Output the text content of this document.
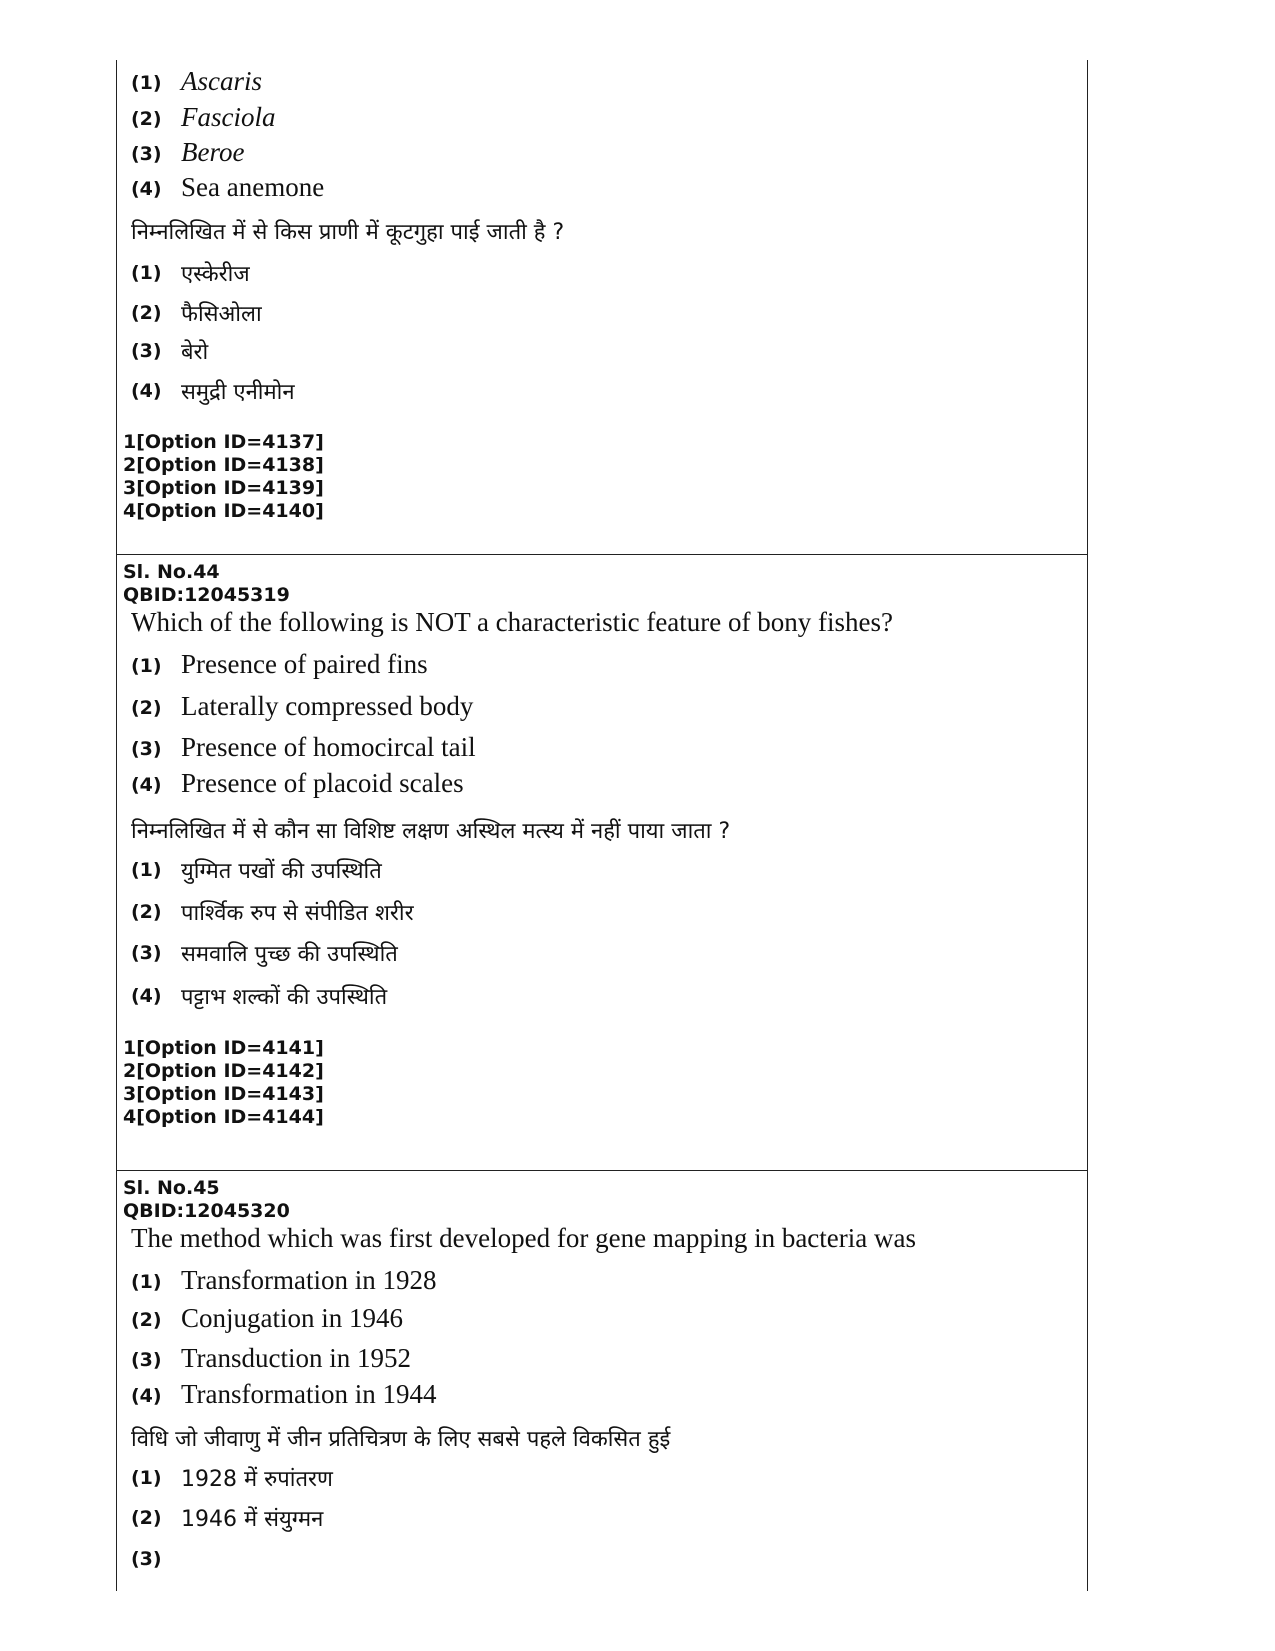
(1) Ascaris
(2) Fasciola
(3) Beroe
(4) Sea anemone
निम्नलिखित में से किस प्राणी में कूटगुहा पाई जाती है ?
(1) एस्केरीज
(2) फैसिओला
(3) बेरो
(4) समुद्री एनीमोन
1[Option ID=4137]
2[Option ID=4138]
3[Option ID=4139]
4[Option ID=4140]
Sl. No.44
QBID:12045319
Which of the following is NOT a characteristic feature of bony fishes?
(1) Presence of paired fins
(2) Laterally compressed body
(3) Presence of homocircal tail
(4) Presence of placoid scales
निम्नलिखित में से कौन सा विशिष्ट लक्षण अस्थिल मत्स्य में नहीं पाया जाता ?
(1) युग्मित पखों की उपस्थिति
(2) पार्श्विक रुप से संपीडित शरीर
(3) समवालि पुच्छ की उपस्थिति
(4) पट्टाभ शल्कों की उपस्थिति
1[Option ID=4141]
2[Option ID=4142]
3[Option ID=4143]
4[Option ID=4144]
Sl. No.45
QBID:12045320
The method which was first developed for gene mapping in bacteria was
(1) Transformation in 1928
(2) Conjugation in 1946
(3) Transduction in 1952
(4) Transformation in 1944
विधि जो जीवाणु में जीन प्रतिचित्रण के लिए सबसे पहले विकसित हुई
(1) 1928 में रुपांतरण
(2) 1946 में संयुग्मन
(3)
